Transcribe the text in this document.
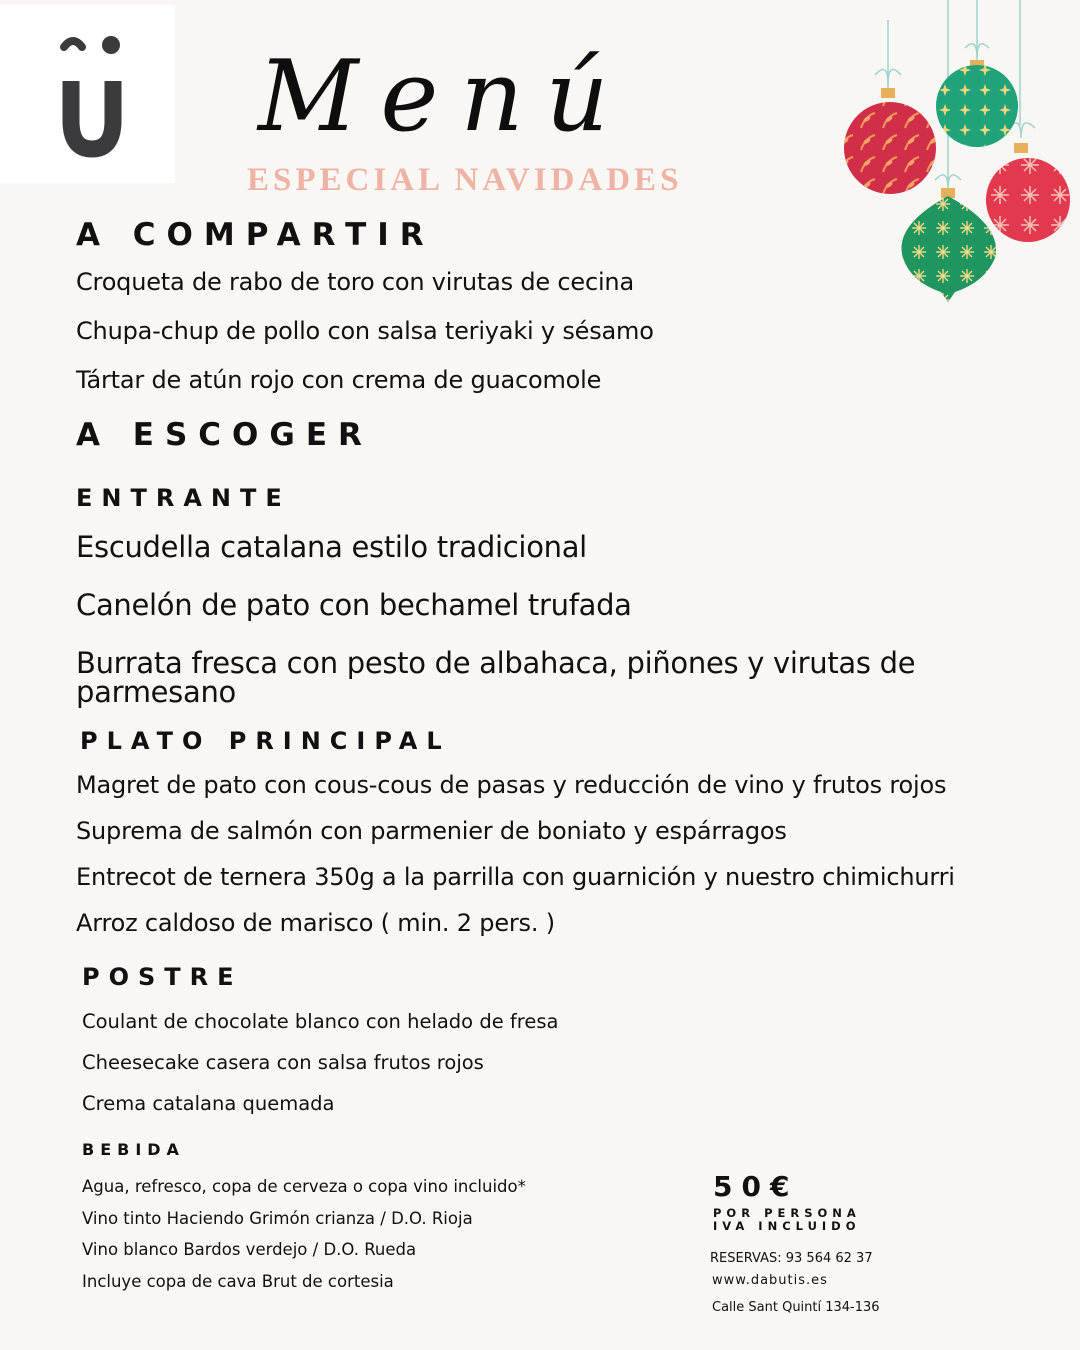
Menú
ESPECIAL NAVIDADES
A COMPARTIR
Croqueta de rabo de toro con virutas de cecina
Chupa-chup de pollo con salsa teriyaki y sésamo
Tártar de atún rojo con crema de guacomole
A ESCOGER
ENTRANTE
Escudella catalana estilo tradicional
Canelón de pato con bechamel trufada
Burrata fresca con pesto de albahaca, piñones y virutas de parmesano
PLATO PRINCIPAL
Magret de pato con cous-cous de pasas y reducción de vino y frutos rojos
Suprema de salmón con parmenier de boniato y espárragos
Entrecot de ternera 350g a la parrilla con guarnición y nuestro chimichurri
Arroz caldoso de marisco ( min. 2 pers. )
POSTRE
Coulant de chocolate blanco con helado de fresa
Cheesecake casera con salsa frutos rojos
Crema catalana quemada
BEBIDA
Agua, refresco, copa de cerveza o copa vino incluido*
Vino tinto Haciendo Grimón crianza / D.O. Rioja
Vino blanco Bardos verdejo / D.O. Rueda
Incluye copa de cava Brut de cortesia
50€
POR PERSONA
IVA INCLUIDO
RESERVAS: 93 564 62 37
www.dabutis.es
Calle Sant Quintí 134-136
